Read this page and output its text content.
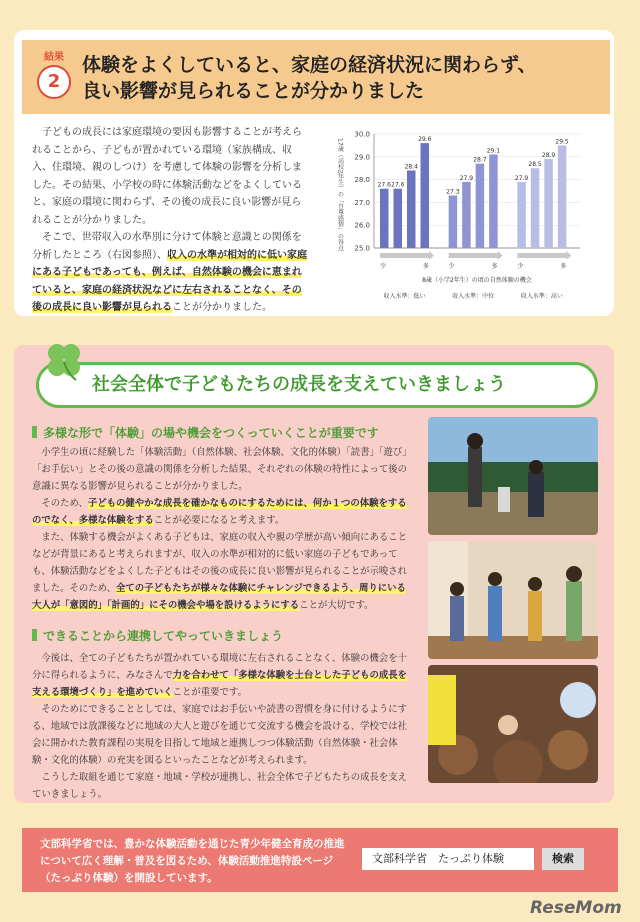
結果
2
体験をよくしていると、家庭の経済状況に関わらず、
良い影響が見られることが分かりました

子どもの成長には家庭環境の要因も影響することが考えられることから、子どもが置かれている環境（家族構成、収入、住環境、親のしつけ）を考慮して体験の影響を分析しました。その結果、小学校の時に体験活動などをよくしていると、家庭の環境に関わらず、その後の成長に良い影響が見られることが分かりました。

そこで、世帯収入の水準別に分けて体験と意識との関係を分析したところ（右図参照）、収入の水準が相対的に低い家庭にある子どもであっても、例えば、自然体験の機会に恵まれていると、家庭の経済状況などに左右されることなく、その後の成長に良い影響が見られることが分かりました。

17歳（高校2年生）の「自尊感情」の得点
30.0
29.0
28.0
27.0
26.0
25.0
27.6 27.6
28.4
29.6
少	多
収入水準：低い
27.3
27.9
28.7
29.1
少	多
収入水準：中位
27.9
28.5
28.9
29.5
少	多
収入水準：高い
8歳（小学2年生）の頃の自然体験の機会
社会全体で子どもたちの成長を支えていきましょう
多様な形で「体験」の場や機会をつくっていくことが重要です

小学生の頃に経験した「体験活動」（自然体験、社会体験、文化的体験）「読書」「遊び」「お手伝い」とその後の意識の関係を分析した結果、それぞれの体験の特性によって後の意識に異なる影響が見られることが分かりました。

そのため、子どもの健やかな成長を確かなものにするためには、何か１つの体験をするのでなく、多様な体験をすることが必要になると考えます。

また、体験する機会がよくある子どもは、家庭の収入や親の学歴が高い傾向にあることなどが背景にあると考えられますが、収入の水準が相対的に低い家庭の子どもであっても、体験活動などをよくした子どもはその後の成長に良い影響が見られることが示唆されました。そのため、全ての子どもたちが様々な体験にチャレンジできるよう、周りにいる大人が「意図的」「計画的」にその機会や場を設けるようにすることが大切です。

できることから連携してやっていきましょう

今後は、全ての子どもたちが置かれている環境に左右されることなく、体験の機会を十分に得られるように、みなさんで力を合わせて「多様な体験を土台とした子どもの成長を支える環境づくり」を進めていくことが重要です。

そのためにできることとしては、家庭ではお手伝いや読書の習慣を身に付けるようにする、地域では放課後などに地域の大人と遊びを通じて交流する機会を設ける、学校では社会に開かれた教育課程の実現を目指して地域と連携しつつ体験活動（自然体験・社会体験・文化的体験）の充実を図るといったことなどが考えられます。

こうした取組を通じて家庭・地域・学校が連携し、社会全体で子どもたちの成長を支えていきましょう。

文部科学省では、豊かな体験活動を通じた青少年健全育成の推進について広く理解・普及を図るため、体験活動推進特設ページ（たっぷり体験）を開設しています。
文部科学省　たっぷり体験	検索
ReseMom
